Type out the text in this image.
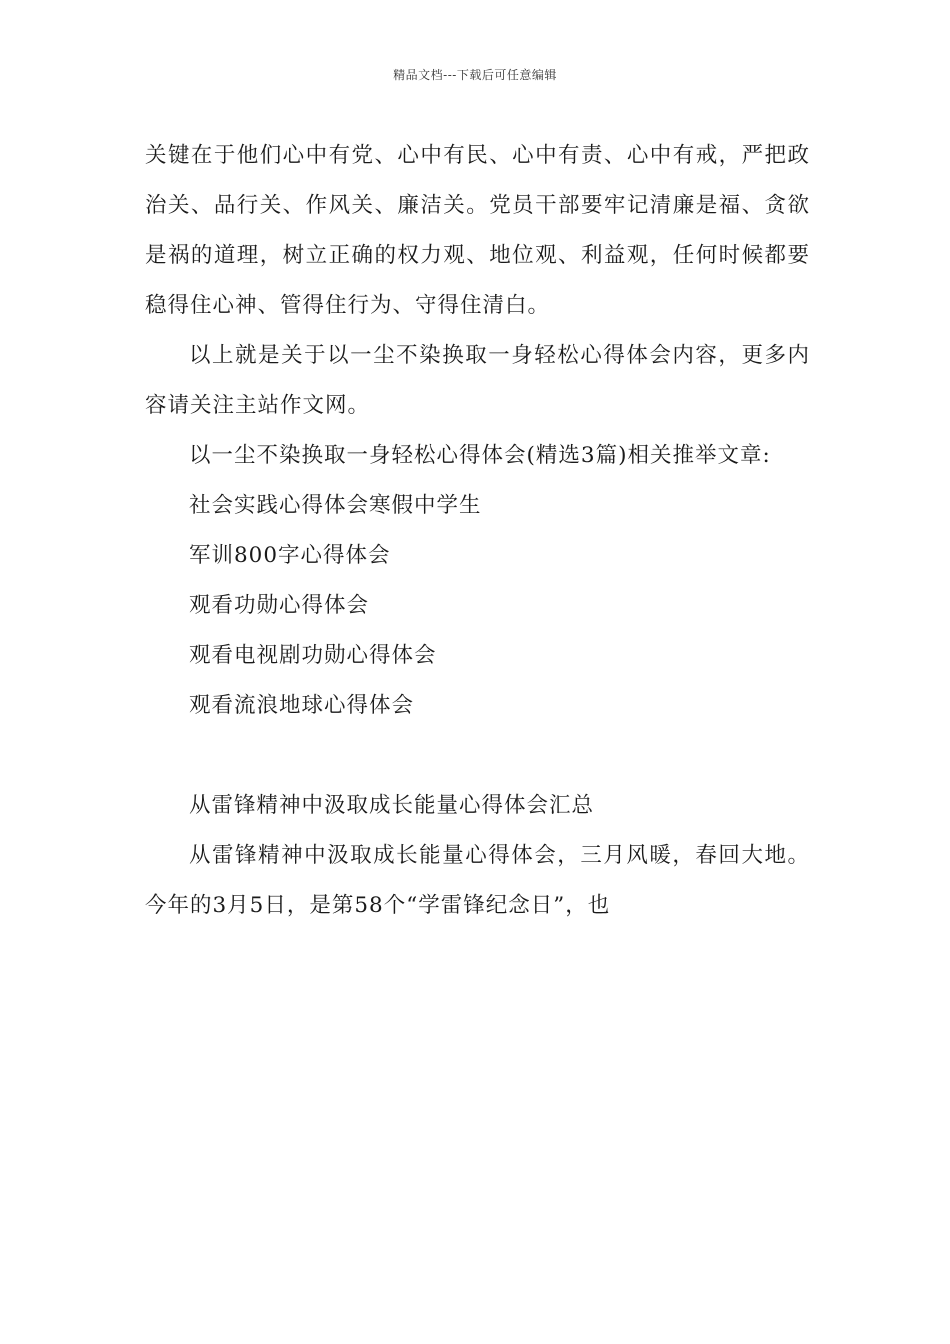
精品文档---下载后可任意编辑

关键在于他们心中有党、心中有民、心中有责、心中有戒，严把政治关、品行关、作风关、廉洁关。党员干部要牢记清廉是福、贪欲是祸的道理，树立正确的权力观、地位观、利益观，任何时候都要稳得住心神、管得住行为、守得住清白。

以上就是关于以一尘不染换取一身轻松心得体会内容，更多内容请关注主站作文网。

以一尘不染换取一身轻松心得体会(精选3篇)相关推举文章:

社会实践心得体会寒假中学生

军训800字心得体会

观看功勋心得体会

观看电视剧功勋心得体会

观看流浪地球心得体会

从雷锋精神中汲取成长能量心得体会汇总

从雷锋精神中汲取成长能量心得体会，三月风暖，春回大地。今年的3月5日，是第58个“学雷锋纪念日”，也
